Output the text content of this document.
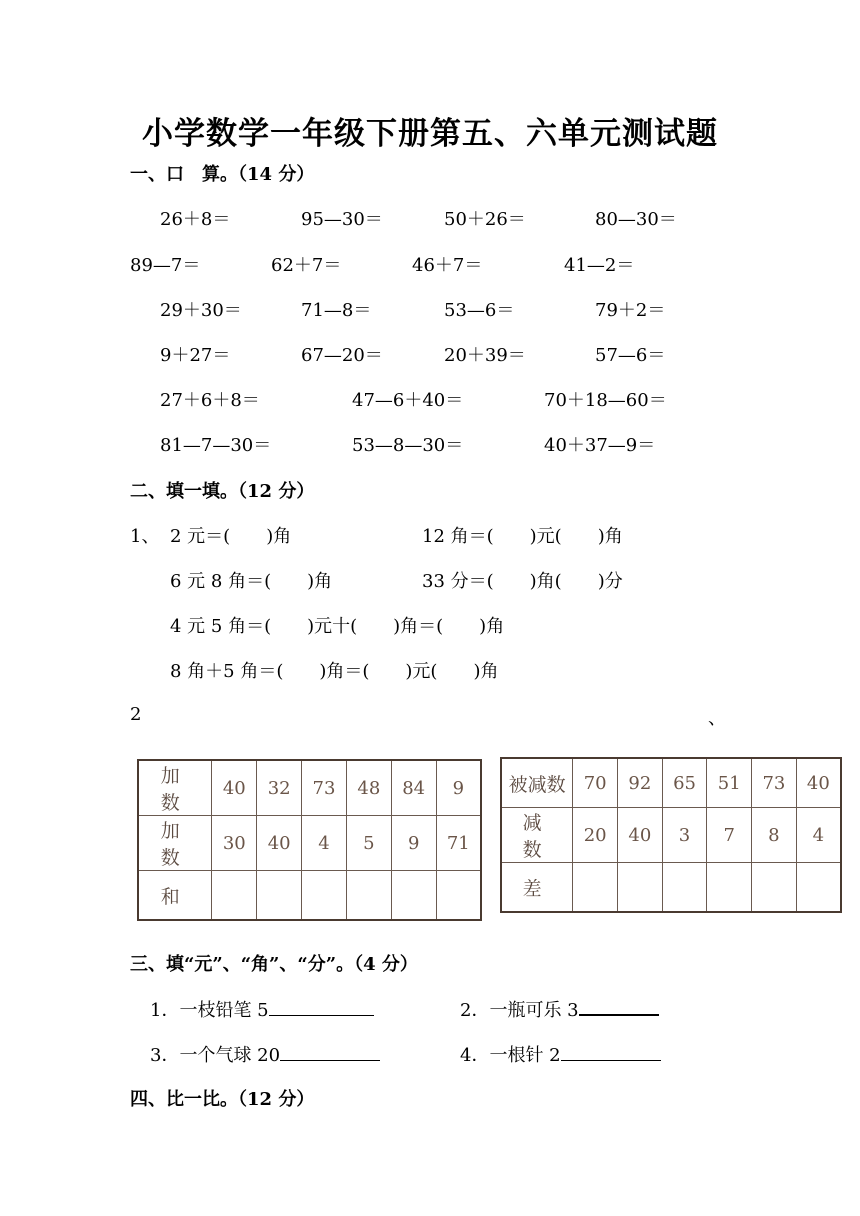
小学数学一年级下册第五、六单元测试题
一、口　算。（14 分）
26＋8＝	95—30＝	50＋26＝	80—30＝
89—7＝	62＋7＝	46＋7＝	41—2＝
29＋30＝	71—8＝	53—6＝	79＋2＝
9＋27＝	67—20＝	20＋39＝	57—6＝
27＋6＋8＝	47—6＋40＝	70＋18—60＝
81—7—30＝	53—8—30＝	40＋37—9＝
二、填一填。（12 分）
1、 2 元＝(　　)角	12 角＝(　　)元(　　)角
6 元 8 角＝(　　)角	33 分＝(　　)角(　　)分
4 元 5 角＝(　　)元十(　　)角＝(　　)角
8 角＋5 角＝(　　)角＝(　　)元(　　)角
2	、
加　数	40	32	73	48	84	9
加　数	30	40	4	5	9	71
和						
被减数	70	92	65	51	73	40
减　数	20	40	3	7	8	4
差						
三、填“元”、“角”、“分”。（4 分）
1．一枝铅笔 5	2．一瓶可乐 3
3．一个气球 20	4．一根针 2
四、比一比。（12 分）
